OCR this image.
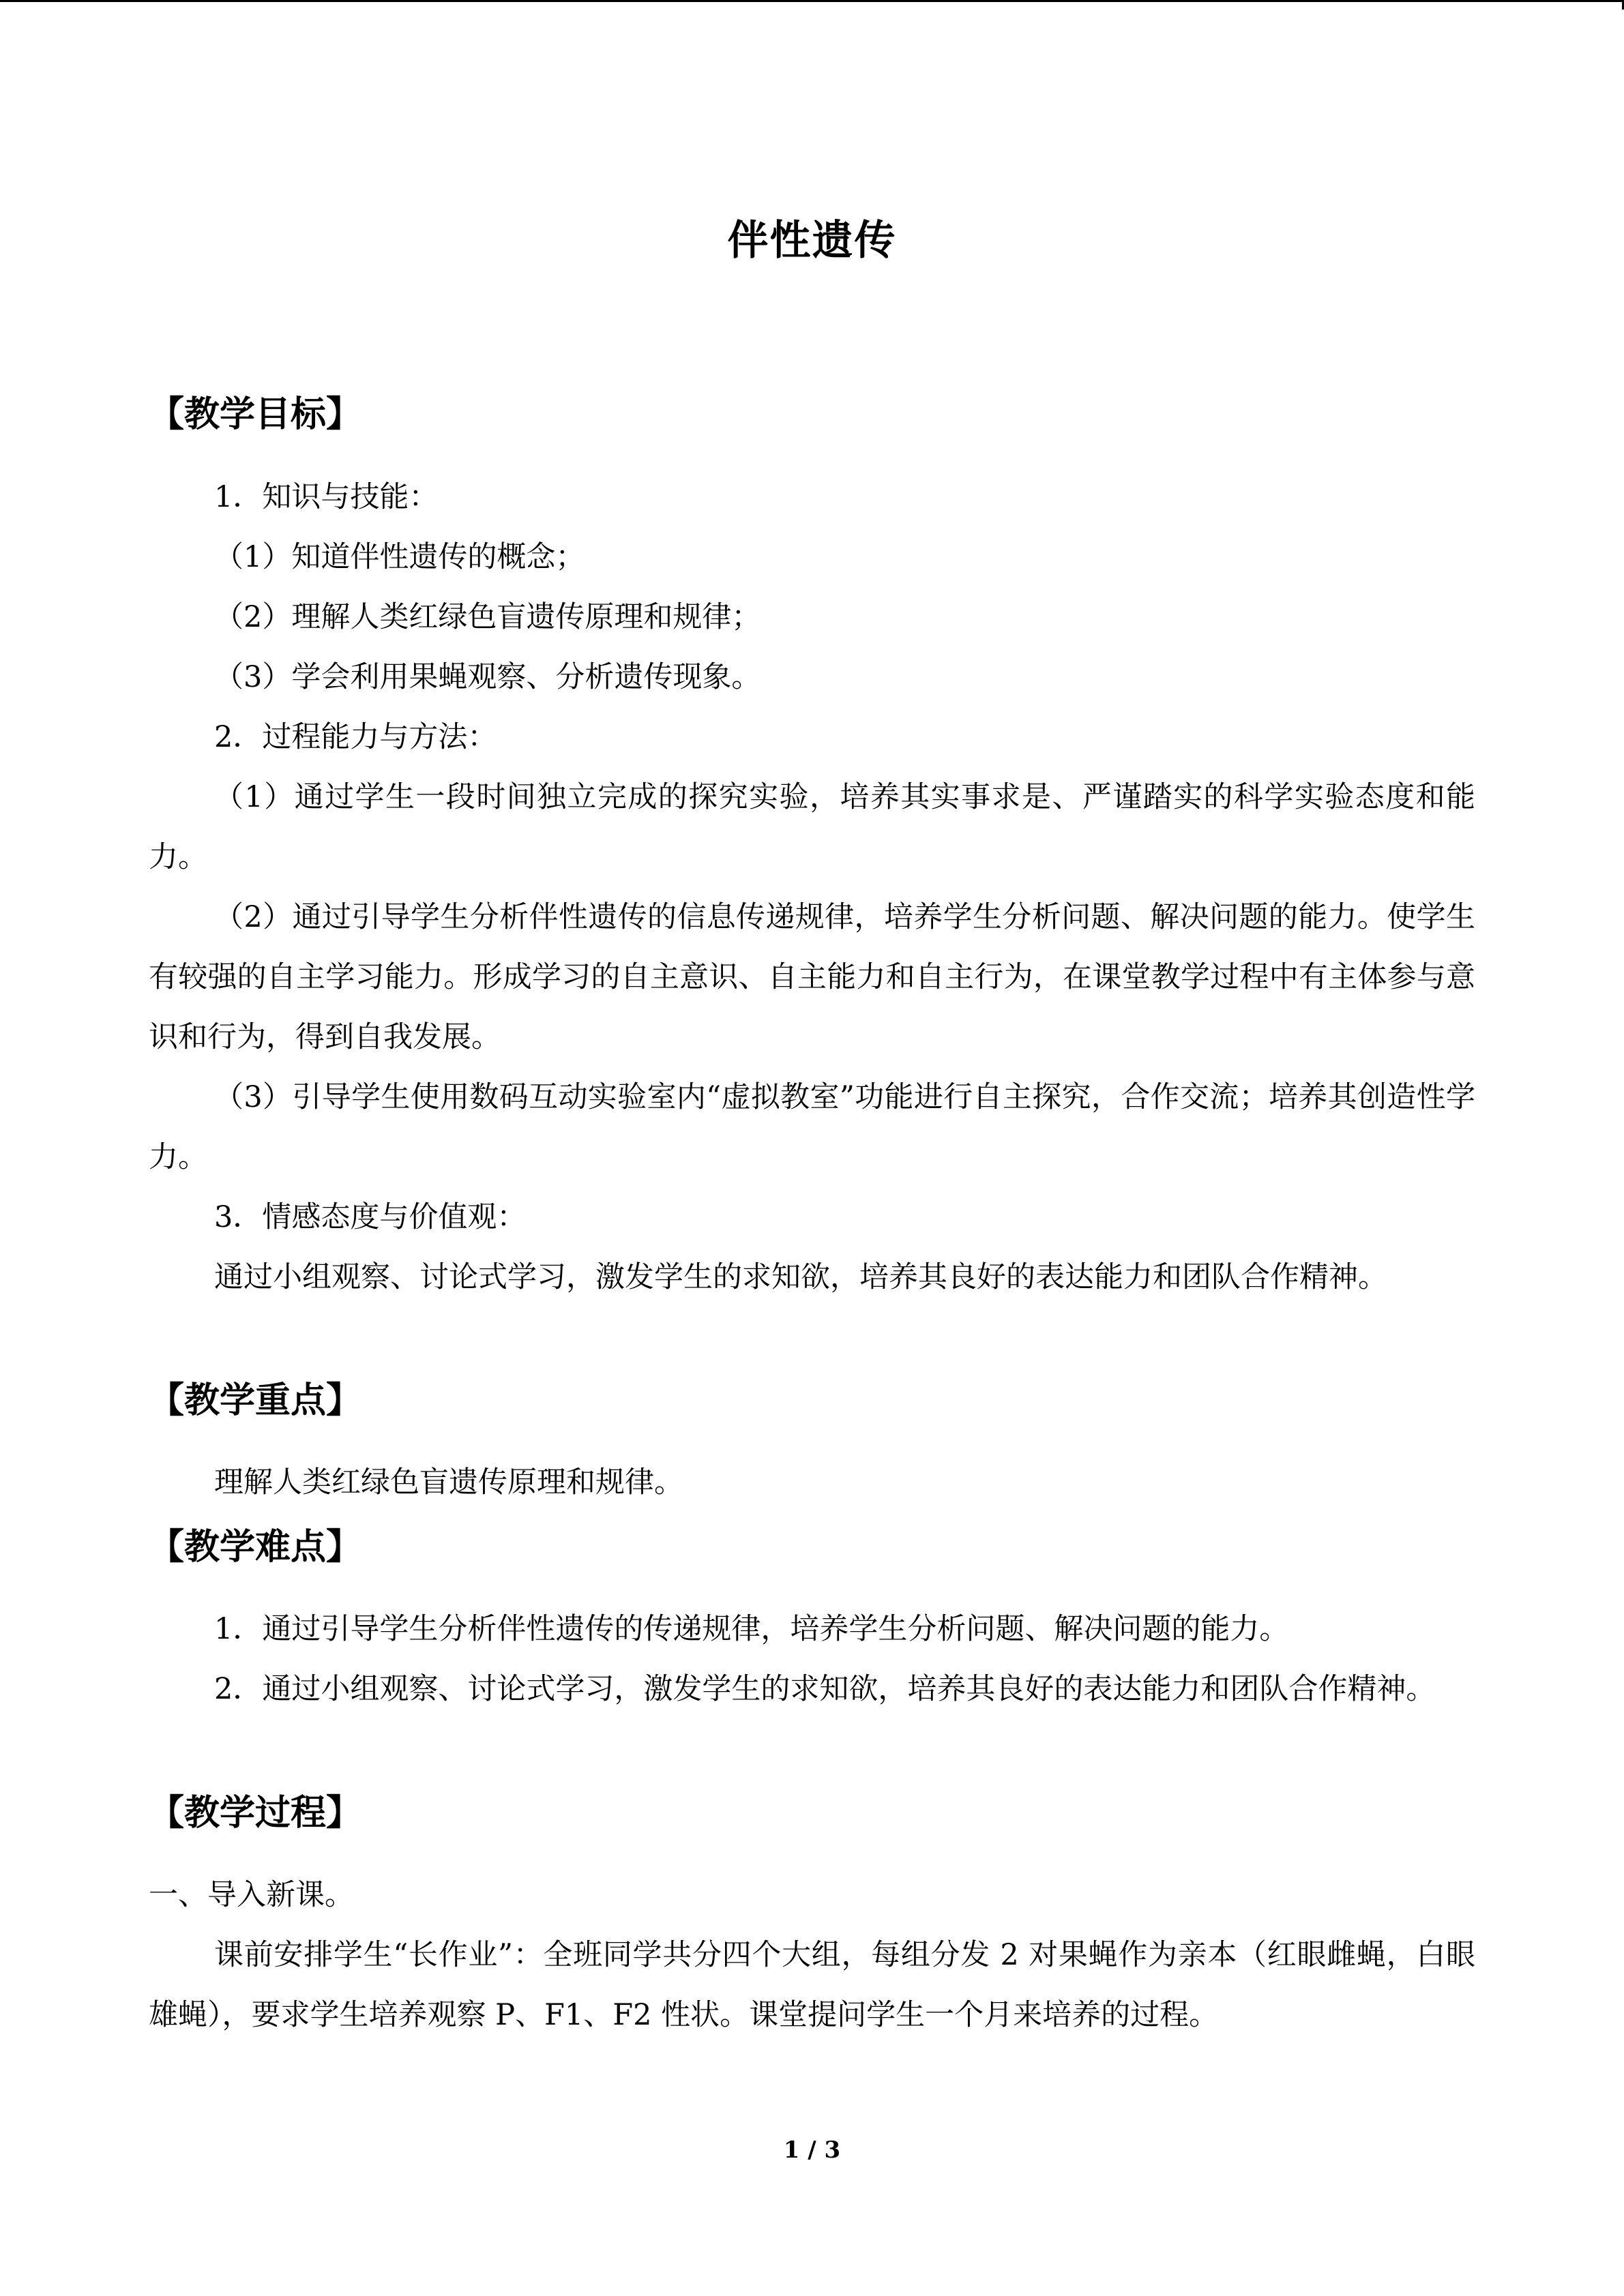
伴性遗传
【教学目标】
1．知识与技能：
（1）知道伴性遗传的概念；
（2）理解人类红绿色盲遗传原理和规律；
（3）学会利用果蝇观察、分析遗传现象。
2．过程能力与方法：
（1）通过学生一段时间独立完成的探究实验，培养其实事求是、严谨踏实的科学实验态度和能力。
（2）通过引导学生分析伴性遗传的信息传递规律，培养学生分析问题、解决问题的能力。使学生有较强的自主学习能力。形成学习的自主意识、自主能力和自主行为，在课堂教学过程中有主体参与意识和行为，得到自我发展。
（3）引导学生使用数码互动实验室内“虚拟教室”功能进行自主探究，合作交流；培养其创造性学力。
3．情感态度与价值观：
通过小组观察、讨论式学习，激发学生的求知欲，培养其良好的表达能力和团队合作精神。
【教学重点】
理解人类红绿色盲遗传原理和规律。
【教学难点】
1．通过引导学生分析伴性遗传的传递规律，培养学生分析问题、解决问题的能力。
2．通过小组观察、讨论式学习，激发学生的求知欲，培养其良好的表达能力和团队合作精神。
【教学过程】
一、导入新课。
课前安排学生“长作业”：全班同学共分四个大组，每组分发 2 对果蝇作为亲本（红眼雌蝇，白眼雄蝇），要求学生培养观察 P、F1、F2 性状。课堂提问学生一个月来培养的过程。
1 / 3
